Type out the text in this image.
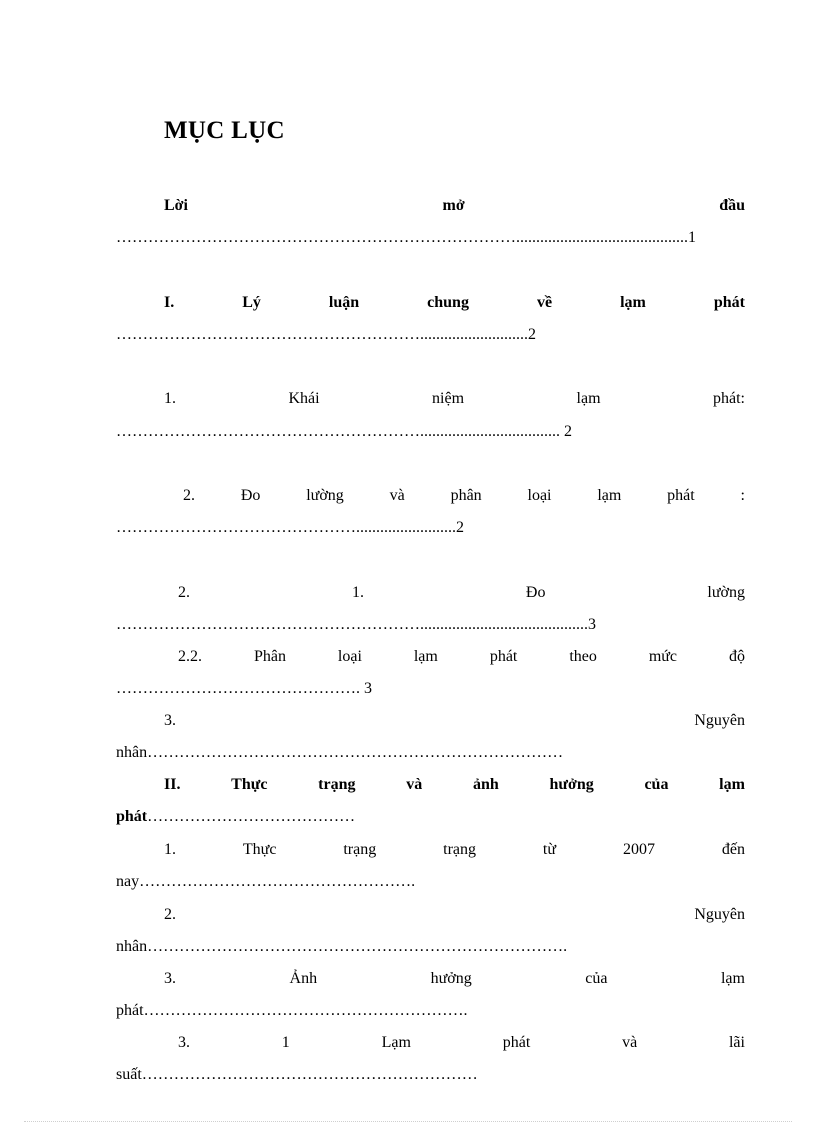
MỤC LỤC
Lời	mở	đầu
…………………………………………………………………...........................................1
I.	Lý	luận	chung	về	lạm	phát
…………………………………………………...........................2
1.	Khái	niệm	lạm	phát:
…………………………………………………................................... 2
2.	Đo	lường	và	phân	loại	lạm	phát	:
……………………………………….........................2
2.	1.	Đo	lường
…………………………………………………..........................................3
2.2.	Phân	loại	lạm	phát	theo	mức	độ
………………………………………. 3
3.	Nguyên
nhân……………………………………………………………………
II.	Thực	trạng	và	ảnh	hưởng	của	lạm
phát…………………………………
1.	Thực	trạng	trạng	từ	2007	đến
nay…………………………………………….
2.	Nguyên
nhân…………………………………………………………………….
3.	Ảnh	hưởng	của	lạm
phát…………………………………………………….
3.	1	Lạm	phát	và	lãi
suất………………………………………………………
